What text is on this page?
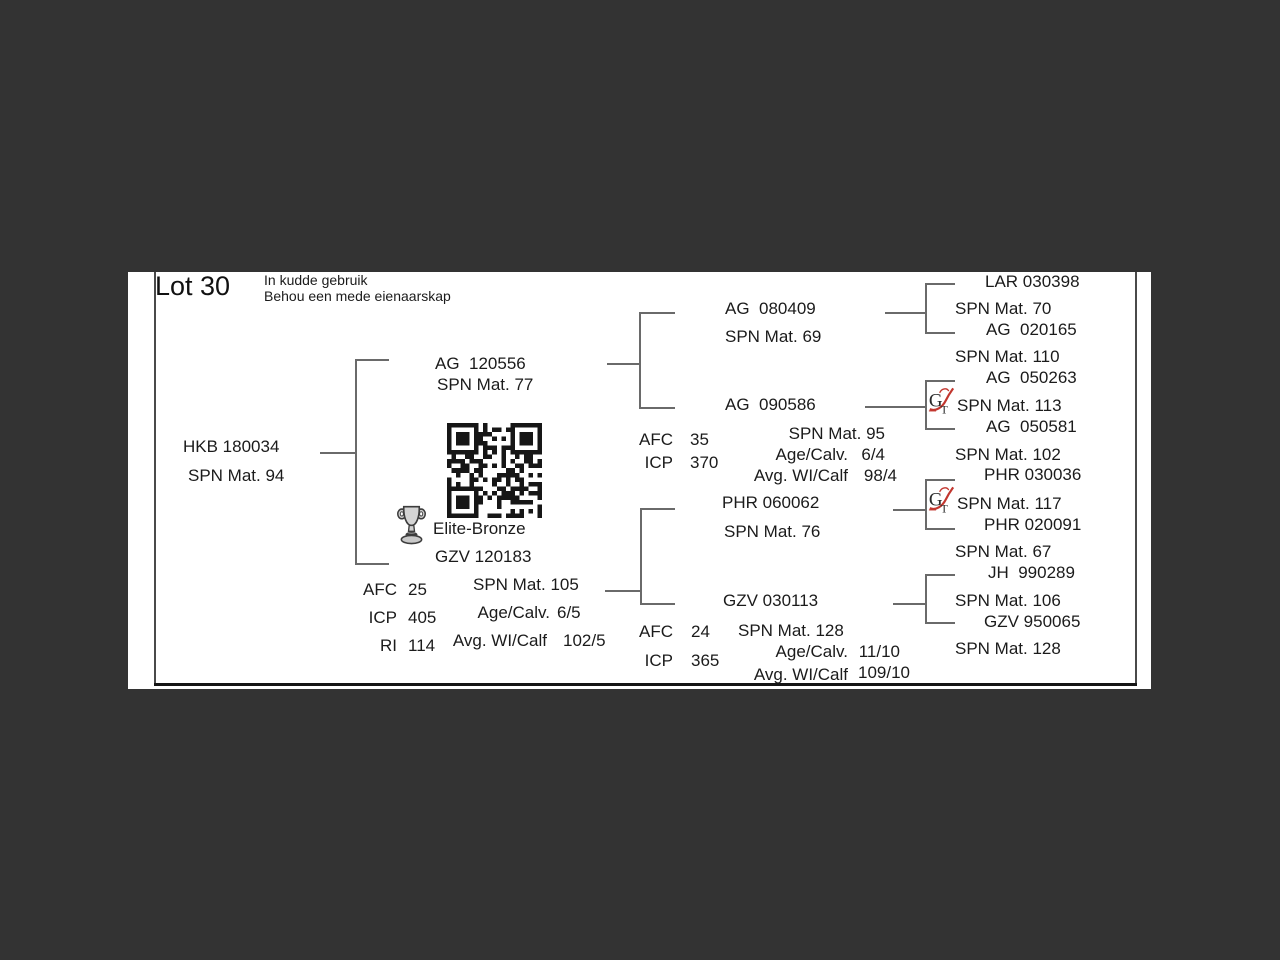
Lot 30 In kudde gebruik
Behou een mede eienaarskap
HKB 180034
SPN Mat. 94
AG  120556
SPN Mat. 77
AG  080409
SPN Mat. 69
AG  090586
AFC 35
ICP 370
SPN Mat. 95
Age/Calv. 6/4
Avg. WI/Calf 98/4
Elite-Bronze
GZV 120183
SPN Mat. 105
AFC 25
ICP 405
RI 114
Age/Calv. 6/5
Avg. WI/Calf 102/5
PHR 060062
SPN Mat. 76
GZV 030113
AFC 24
ICP 365
SPN Mat. 128
Age/Calv. 11/10
Avg. WI/Calf 109/10
G
T
G
T
LAR 030398
SPN Mat. 70
AG  020165
SPN Mat. 110
AG  050263
SPN Mat. 113
AG  050581
SPN Mat. 102
PHR 030036
SPN Mat. 117
PHR 020091
SPN Mat. 67
JH  990289
SPN Mat. 106
GZV 950065
SPN Mat. 128
